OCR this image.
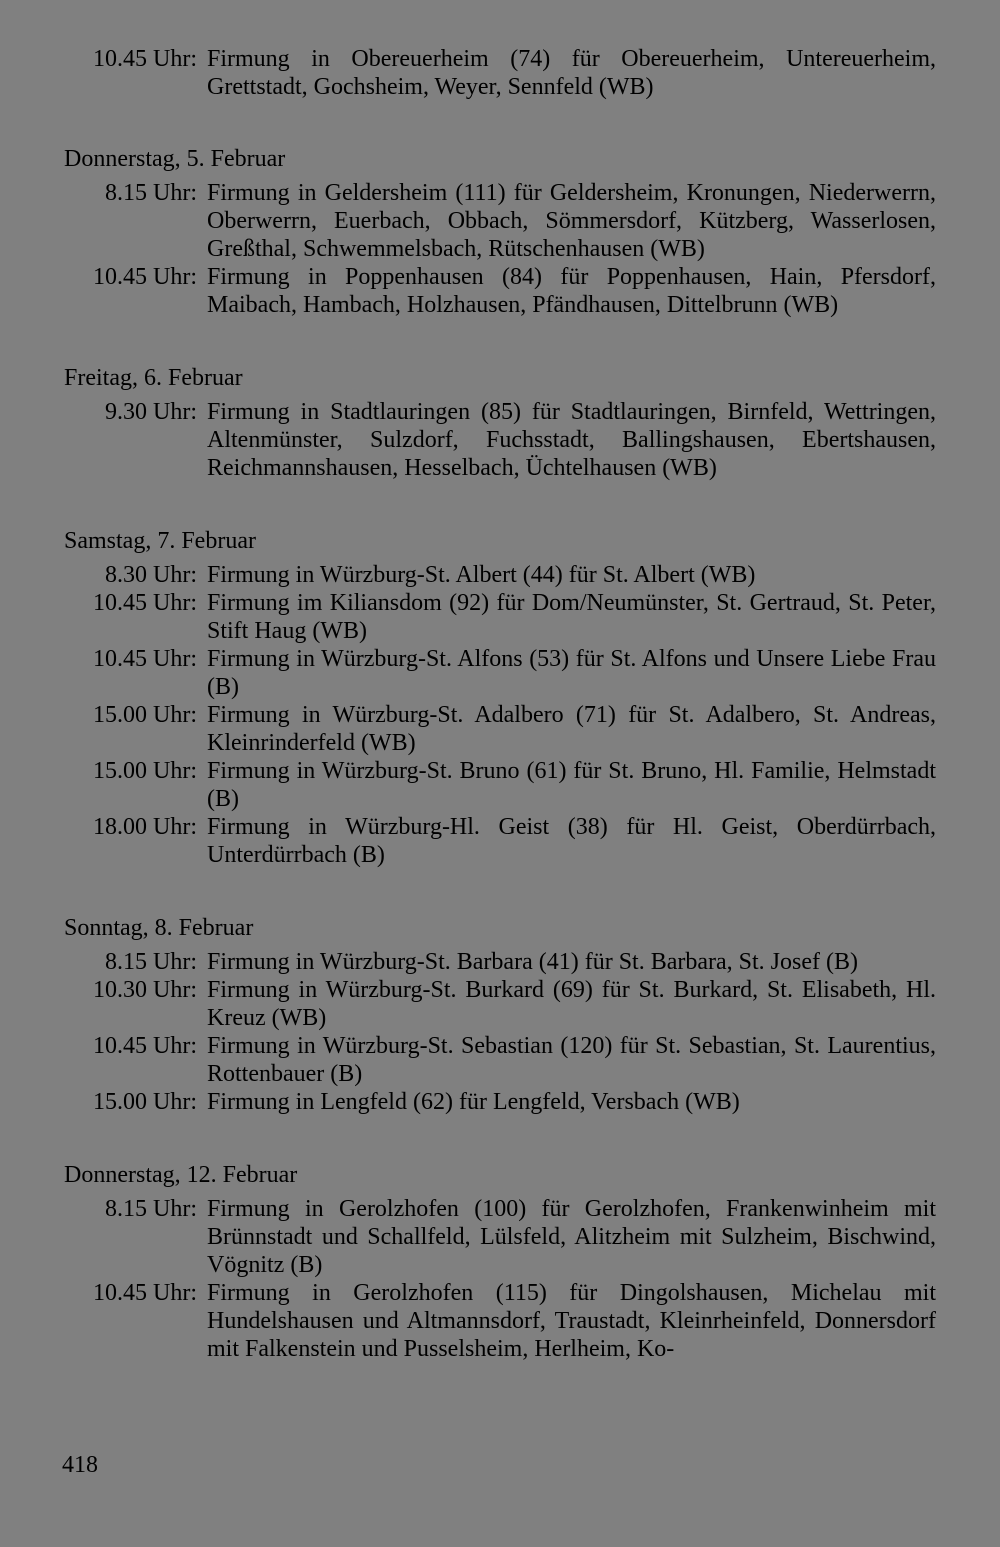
10.45 Uhr: Firmung in Obereuerheim (74) für Obereuerheim, Untereuerheim, Grettstadt, Gochsheim, Weyer, Sennfeld (WB)
Donnerstag, 5. Februar
8.15 Uhr: Firmung in Geldersheim (111) für Geldersheim, Kronungen, Niederwerrn, Oberwerrn, Euerbach, Obbach, Sömmersdorf, Kützberg, Wasserlosen, Greßthal, Schwemmelsbach, Rütschenhausen (WB)
10.45 Uhr: Firmung in Poppenhausen (84) für Poppenhausen, Hain, Pfersdorf, Maibach, Hambach, Holzhausen, Pfändhausen, Dittelbrunn (WB)
Freitag, 6. Februar
9.30 Uhr: Firmung in Stadtlauringen (85) für Stadtlauringen, Birnfeld, Wettringen, Altenmünster, Sulzdorf, Fuchsstadt, Ballingshausen, Ebertshausen, Reichmannshausen, Hesselbach, Üchtelhausen (WB)
Samstag, 7. Februar
8.30 Uhr: Firmung in Würzburg-St. Albert (44) für St. Albert (WB)
10.45 Uhr: Firmung im Kiliansdom (92) für Dom/Neumünster, St. Gertraud, St. Peter, Stift Haug (WB)
10.45 Uhr: Firmung in Würzburg-St. Alfons (53) für St. Alfons und Unsere Liebe Frau (B)
15.00 Uhr: Firmung in Würzburg-St. Adalbero (71) für St. Adalbero, St. Andreas, Kleinrinderfeld (WB)
15.00 Uhr: Firmung in Würzburg-St. Bruno (61) für St. Bruno, Hl. Familie, Helmstadt (B)
18.00 Uhr: Firmung in Würzburg-Hl. Geist (38) für Hl. Geist, Oberdürrbach, Unterdürrbach (B)
Sonntag, 8. Februar
8.15 Uhr: Firmung in Würzburg-St. Barbara (41) für St. Barbara, St. Josef (B)
10.30 Uhr: Firmung in Würzburg-St. Burkard (69) für St. Burkard, St. Elisabeth, Hl. Kreuz (WB)
10.45 Uhr: Firmung in Würzburg-St. Sebastian (120) für St. Sebastian, St. Laurentius, Rottenbauer (B)
15.00 Uhr: Firmung in Lengfeld (62) für Lengfeld, Versbach (WB)
Donnerstag, 12. Februar
8.15 Uhr: Firmung in Gerolzhofen (100) für Gerolzhofen, Frankenwinheim mit Brünnstadt und Schallfeld, Lülsfeld, Alitzheim mit Sulzheim, Bischwind, Vögnitz (B)
10.45 Uhr: Firmung in Gerolzhofen (115) für Dingolshausen, Michelau mit Hundelshausen und Altmannsdorf, Traustadt, Kleinrheinfeld, Donnersdorf mit Falkenstein und Pusselsheim, Herlheim, Ko-
418
